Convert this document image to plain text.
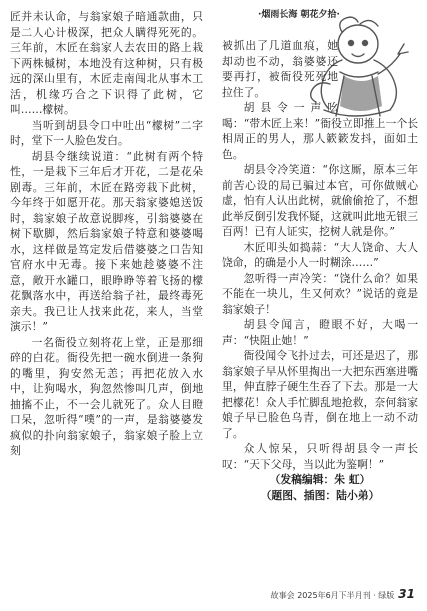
·烟雨长海 朝花夕拾·

匠并未认命，与翁家娘子暗通款曲，只是二人心计极深，把众人瞒得死死的。三年前，木匠在翁家人去农田的路上栽下两株槭树，本地没有这种树，只有极远的深山里有，木匠走南闯北从事木工活，机缘巧合之下识得了此树，它叫……檬树。

当听到胡县令口中吐出“檬树”二字时，堂下一人脸色发白。

胡县令继续说道：“此树有两个特性，一是栽下三年后才开花，二是花朵剧毒。三年前，木匠在路旁栽下此树，今年终于如愿开花。那天翁家婆媳送饭时，翁家娘子故意说脚疼，引翁婆婆在树下歇脚，然后翁家娘子特意和婆婆喝水，这样做是笃定发后借婆婆之口告知官府水中无毒。接下来她趁婆婆不注意，敞开水罐口，眼睁睁等着飞扬的檬花飘落水中，再送给翁子社，最终毒死亲夫。我已让人找来此花，来人，当堂演示！”

一名衙役立刻将花上堂，正是那细碎的白花。衙役先把一碗水倒进一条狗的嘴里，狗安然无恙；再把花放入水中，让狗喝水，狗忽然惨叫几声，倒地抽搐不止，不一会儿就死了。众人目瞪口呆，忽听得“噗”的一声，是翁婆婆发疯似的扑向翁家娘子，翁家娘子脸上立刻

被抓出了几道血痕，她却动也不动，翁婆婆还要再打，被衙役死死地拉住了。

胡县令一声吆喝：“带木匠上来！”衙役立即推上一个长相周正的男人，那人簌簌发抖，面如土色。

胡县令冷笑道：“你这厮，原本三年前苦心设的局已骗过本官，可你做贼心虚，怕有人认出此树，就偷偷抢了，不想此举反倒引发我怀疑，这就叫此地无银三百两！已有人证实，挖树人就是你。”

木匠叩头如捣蒜：“大人饶命、大人饶命，的确是小人一时糊涂……”

忽听得一声冷笑：“饶什么命？如果不能在一块儿，生又何欢？”说话的竟是翁家娘子！

胡县令闻言，瞪眼不好，大喝一声：“快阻止她！”

衙役闻令飞扑过去，可还是迟了，那翁家娘子早从怀里掏出一大把东西塞进嘴里，伸直脖子硬生生吞了下去。那是一大把檬花！众人手忙脚乱地抢救，奈何翁家娘子早已脸色乌青，倒在地上一动不动了。

众人惊呆，只听得胡县令一声长叹：“天下父母，当以此为鉴啊！”

（发稿编辑：朱 虹）

（题图、插图：陆小弟）

故事会 2025年6月下半月刊 · 绿版 31
